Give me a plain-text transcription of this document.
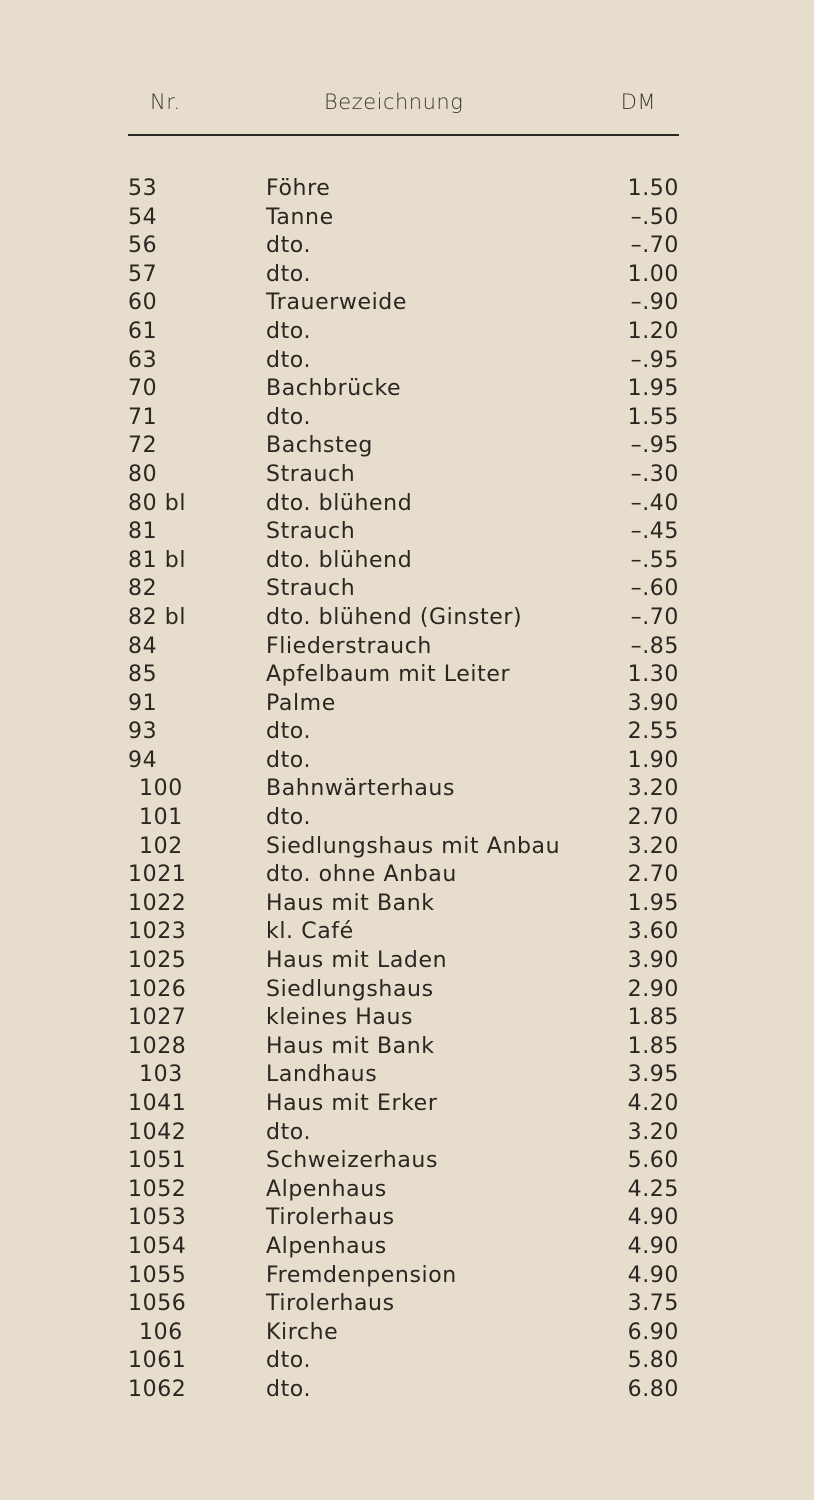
Nr.	Bezeichnung	DM
53	Föhre	1.50
54	Tanne	–.50
56	dto.	–.70
57	dto.	1.00
60	Trauerweide	–.90
61	dto.	1.20
63	dto.	–.95
70	Bachbrücke	1.95
71	dto.	1.55
72	Bachsteg	–.95
80	Strauch	–.30
80 bl	dto. blühend	–.40
81	Strauch	–.45
81 bl	dto. blühend	–.55
82	Strauch	–.60
82 bl	dto. blühend (Ginster)	–.70
84	Fliederstrauch	–.85
85	Apfelbaum mit Leiter	1.30
91	Palme	3.90
93	dto.	2.55
94	dto.	1.90
100	Bahnwärterhaus	3.20
101	dto.	2.70
102	Siedlungshaus mit Anbau	3.20
1021	dto. ohne Anbau	2.70
1022	Haus mit Bank	1.95
1023	kl. Café	3.60
1025	Haus mit Laden	3.90
1026	Siedlungshaus	2.90
1027	kleines Haus	1.85
1028	Haus mit Bank	1.85
103	Landhaus	3.95
1041	Haus mit Erker	4.20
1042	dto.	3.20
1051	Schweizerhaus	5.60
1052	Alpenhaus	4.25
1053	Tirolerhaus	4.90
1054	Alpenhaus	4.90
1055	Fremdenpension	4.90
1056	Tirolerhaus	3.75
106	Kirche	6.90
1061	dto.	5.80
1062	dto.	6.80
